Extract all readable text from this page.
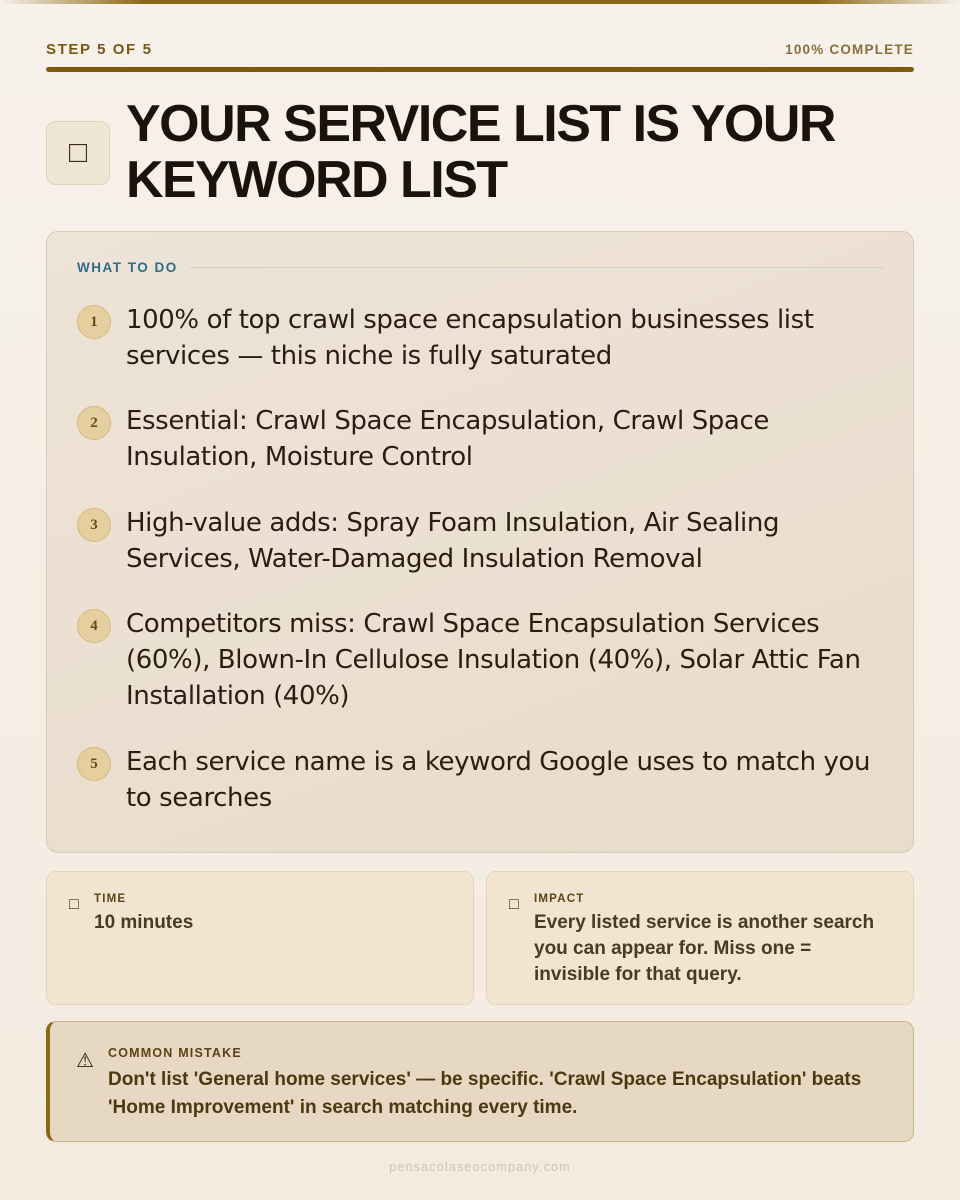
STEP 5 OF 5	100% COMPLETE
□ YOUR SERVICE LIST IS YOUR KEYWORD LIST
WHAT TO DO
1	100% of top crawl space encapsulation businesses list services — this niche is fully saturated
2	Essential: Crawl Space Encapsulation, Crawl Space Insulation, Moisture Control
3	High-value adds: Spray Foam Insulation, Air Sealing Services, Water-Damaged Insulation Removal
4	Competitors miss: Crawl Space Encapsulation Services (60%), Blown-In Cellulose Insulation (40%), Solar Attic Fan Installation (40%)
5	Each service name is a keyword Google uses to match you to searches
□ TIME
10 minutes
□ IMPACT
Every listed service is another search you can appear for. Miss one = invisible for that query.
⚠ COMMON MISTAKE
Don't list 'General home services' — be specific. 'Crawl Space Encapsulation' beats 'Home Improvement' in search matching every time.
pensacolaseocompany.com
